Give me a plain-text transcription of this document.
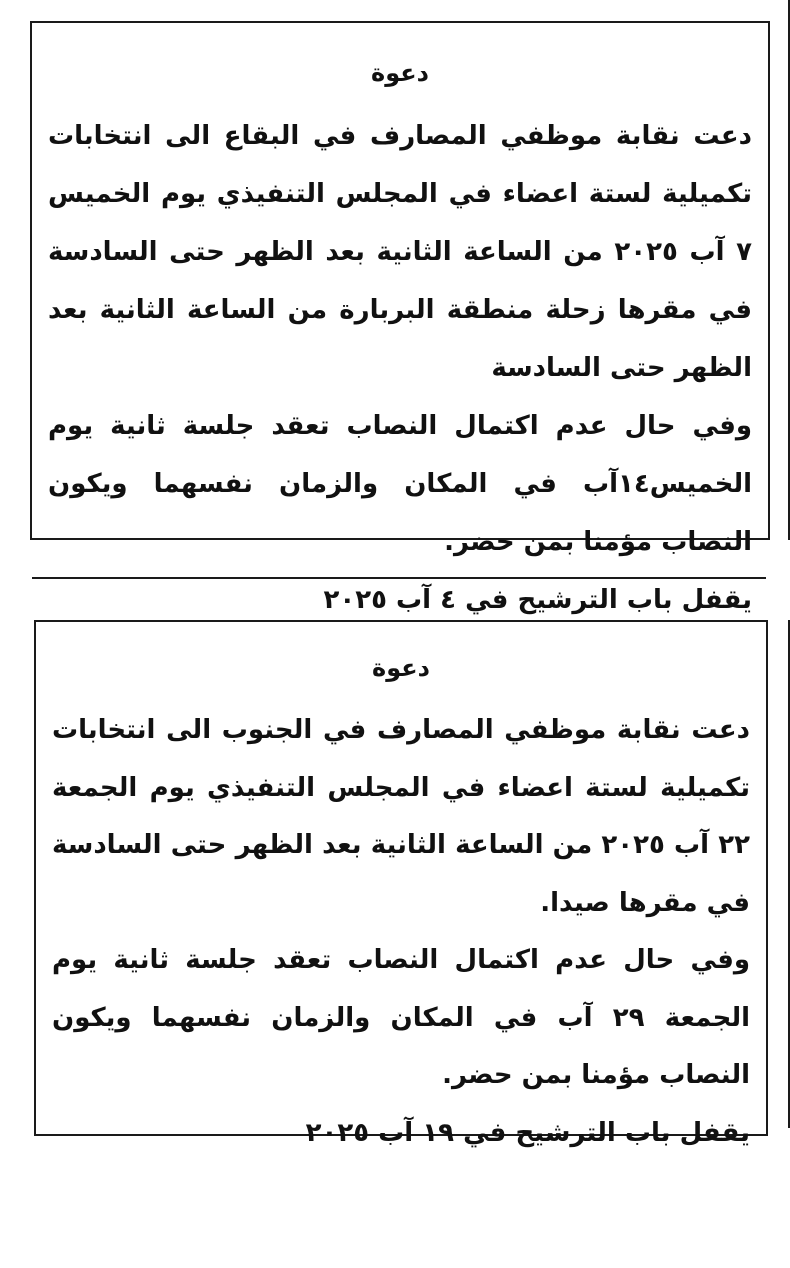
دعوة

دعت نقابة موظفي المصارف في البقاع الى انتخابات تكميلية لستة اعضاء في المجلس التنفيذي يوم الخميس ٧ آب ٢٠٢٥ من الساعة الثانية بعد الظهر حتى السادسة في مقرها زحلة منطقة البربارة من الساعة الثانية بعد الظهر حتى السادسة

وفي حال عدم اكتمال النصاب تعقد جلسة ثانية يوم الخميس١٤آب في المكان والزمان نفسهما ويكون النصاب مؤمنا بمن حضر.

يقفل باب الترشيح في ٤ آب ٢٠٢٥

دعوة

دعت نقابة موظفي المصارف في الجنوب الى انتخابات تكميلية لستة اعضاء في المجلس التنفيذي يوم الجمعة ٢٢ آب ٢٠٢٥ من الساعة الثانية بعد الظهر حتى السادسة في مقرها صيدا.

وفي حال عدم اكتمال النصاب تعقد جلسة ثانية يوم الجمعة ٢٩ آب في المكان والزمان نفسهما ويكون النصاب مؤمنا بمن حضر.

يقفل باب الترشيح في ١٩ آب ٢٠٢٥
